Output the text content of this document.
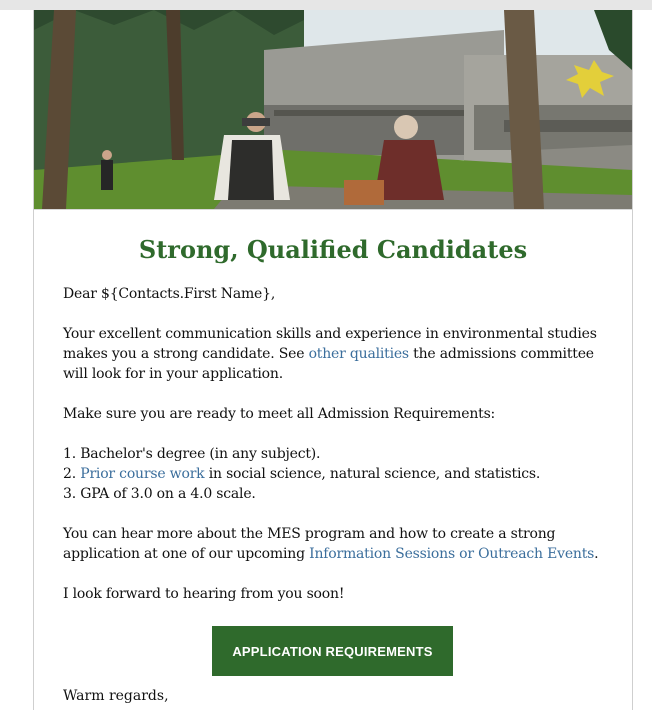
Strong, Qualified Candidates

Dear ${Contacts.First Name},

Your excellent communication skills and experience in environmental studies makes you a strong candidate. See other qualities the admissions committee will look for in your application.

Make sure you are ready to meet all Admission Requirements:

1. Bachelor's degree (in any subject).
2. Prior course work in social science, natural science, and statistics.
3. GPA of 3.0 on a 4.0 scale.

You can hear more about the MES program and how to create a strong application at one of our upcoming Information Sessions or Outreach Events.

I look forward to hearing from you soon!

APPLICATION REQUIREMENTS

Warm regards,
